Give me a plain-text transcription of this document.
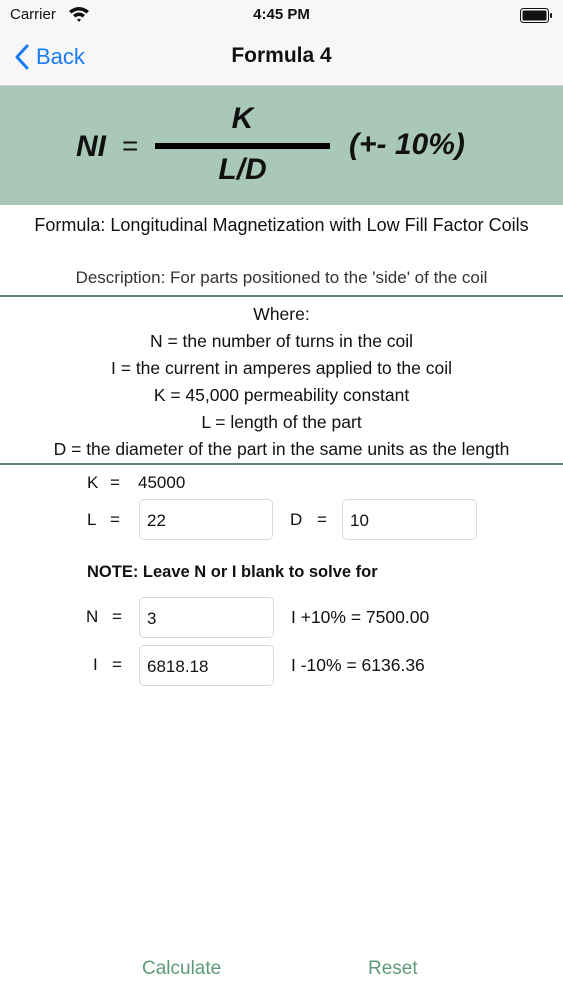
Carrier	4:45 PM
Back	Formula 4
NI =
K
L/D
(+- 10%)
Formula: Longitudinal Magnetization with Low Fill Factor Coils
Description: For parts positioned to the 'side' of the coil
Where:
N = the number of turns in the coil
I = the current in amperes applied to the coil
K = 45,000 permeability constant
L = length of the part
D = the diameter of the part in the same units as the length
K = 45000
L =	22	D =	10
NOTE: Leave N or I blank to solve for
N =	3	I +10% = 7500.00
I =	6818.18	I -10% = 6136.36
Calculate	Reset
